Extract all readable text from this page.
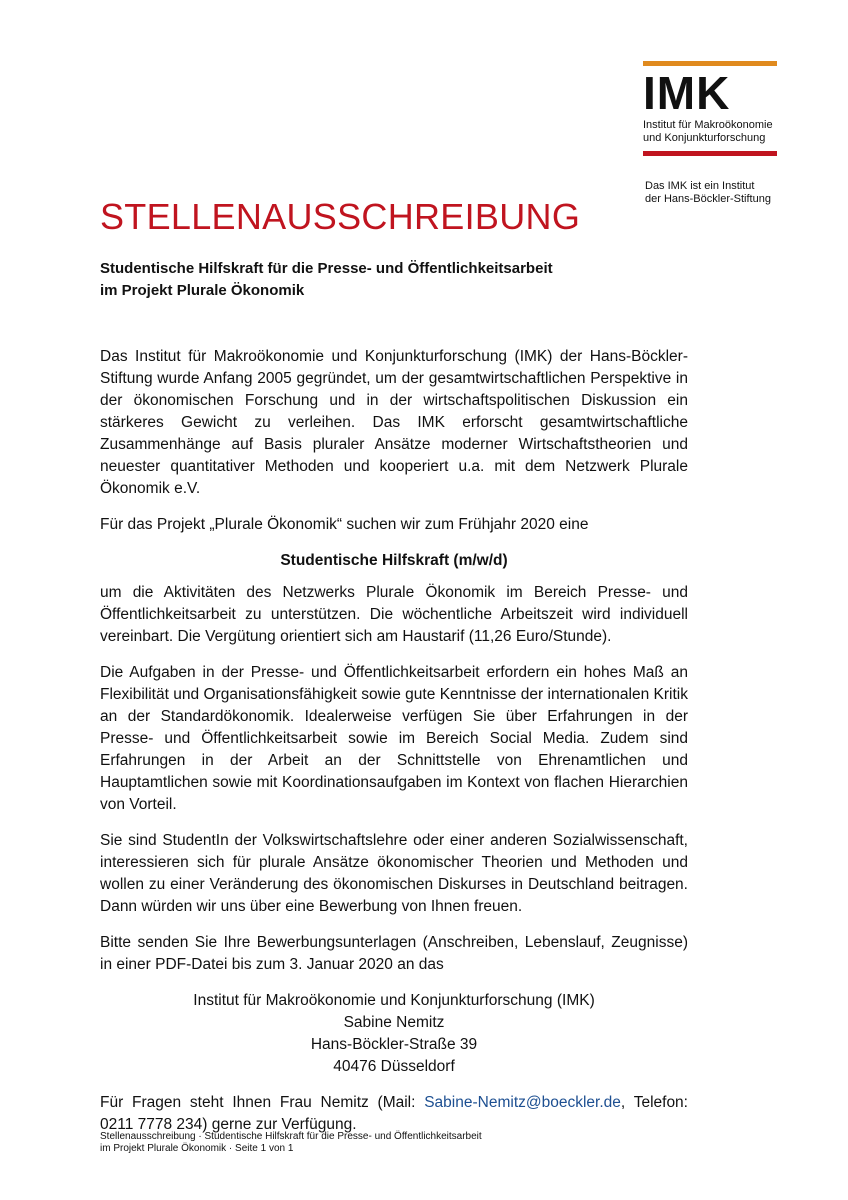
IMK
Institut für Makroökonomie
und Konjunkturforschung
Das IMK ist ein Institut
der Hans-Böckler-Stiftung
STELLENAUSSCHREIBUNG
Studentische Hilfskraft für die Presse- und Öffentlichkeitsarbeit
im Projekt Plurale Ökonomik

Das Institut für Makroökonomie und Konjunkturforschung (IMK) der Hans-Böckler-Stiftung wurde Anfang 2005 gegründet, um der gesamtwirtschaftlichen Perspektive in der ökonomischen Forschung und in der wirtschaftspolitischen Diskussion ein stärkeres Gewicht zu verleihen. Das IMK erforscht gesamtwirtschaftliche Zusammenhänge auf Basis pluraler Ansätze moderner Wirtschaftstheorien und neuester quantitativer Methoden und kooperiert u.a. mit dem Netzwerk Plurale Ökonomik e.V.

Für das Projekt „Plurale Ökonomik“ suchen wir zum Frühjahr 2020 eine

Studentische Hilfskraft (m/w/d)

um die Aktivitäten des Netzwerks Plurale Ökonomik im Bereich Presse- und Öffentlichkeitsarbeit zu unterstützen. Die wöchentliche Arbeitszeit wird individuell vereinbart. Die Vergütung orientiert sich am Haustarif (11,26 Euro/Stunde).

Die Aufgaben in der Presse- und Öffentlichkeitsarbeit erfordern ein hohes Maß an Flexibilität und Organisationsfähigkeit sowie gute Kenntnisse der internationalen Kritik an der Standardökonomik. Idealerweise verfügen Sie über Erfahrungen in der Presse- und Öffentlichkeitsarbeit sowie im Bereich Social Media. Zudem sind Erfahrungen in der Arbeit an der Schnittstelle von Ehrenamtlichen und Hauptamtlichen sowie mit Koordinationsaufgaben im Kontext von flachen Hierarchien von Vorteil.

Sie sind StudentIn der Volkswirtschaftslehre oder einer anderen Sozialwissenschaft, interessieren sich für plurale Ansätze ökonomischer Theorien und Methoden und wollen zu einer Veränderung des ökonomischen Diskurses in Deutschland beitragen. Dann würden wir uns über eine Bewerbung von Ihnen freuen.

Bitte senden Sie Ihre Bewerbungsunterlagen (Anschreiben, Lebenslauf, Zeugnisse) in einer PDF-Datei bis zum 3. Januar 2020 an das

Institut für Makroökonomie und Konjunkturforschung (IMK)
Sabine Nemitz
Hans-Böckler-Straße 39
40476 Düsseldorf

Für Fragen steht Ihnen Frau Nemitz (Mail: Sabine-Nemitz@boeckler.de, Telefon: 0211 7778 234) gerne zur Verfügung.

Stellenausschreibung · Studentische Hilfskraft für die Presse- und Öffentlichkeitsarbeit
im Projekt Plurale Ökonomik · Seite 1 von 1
